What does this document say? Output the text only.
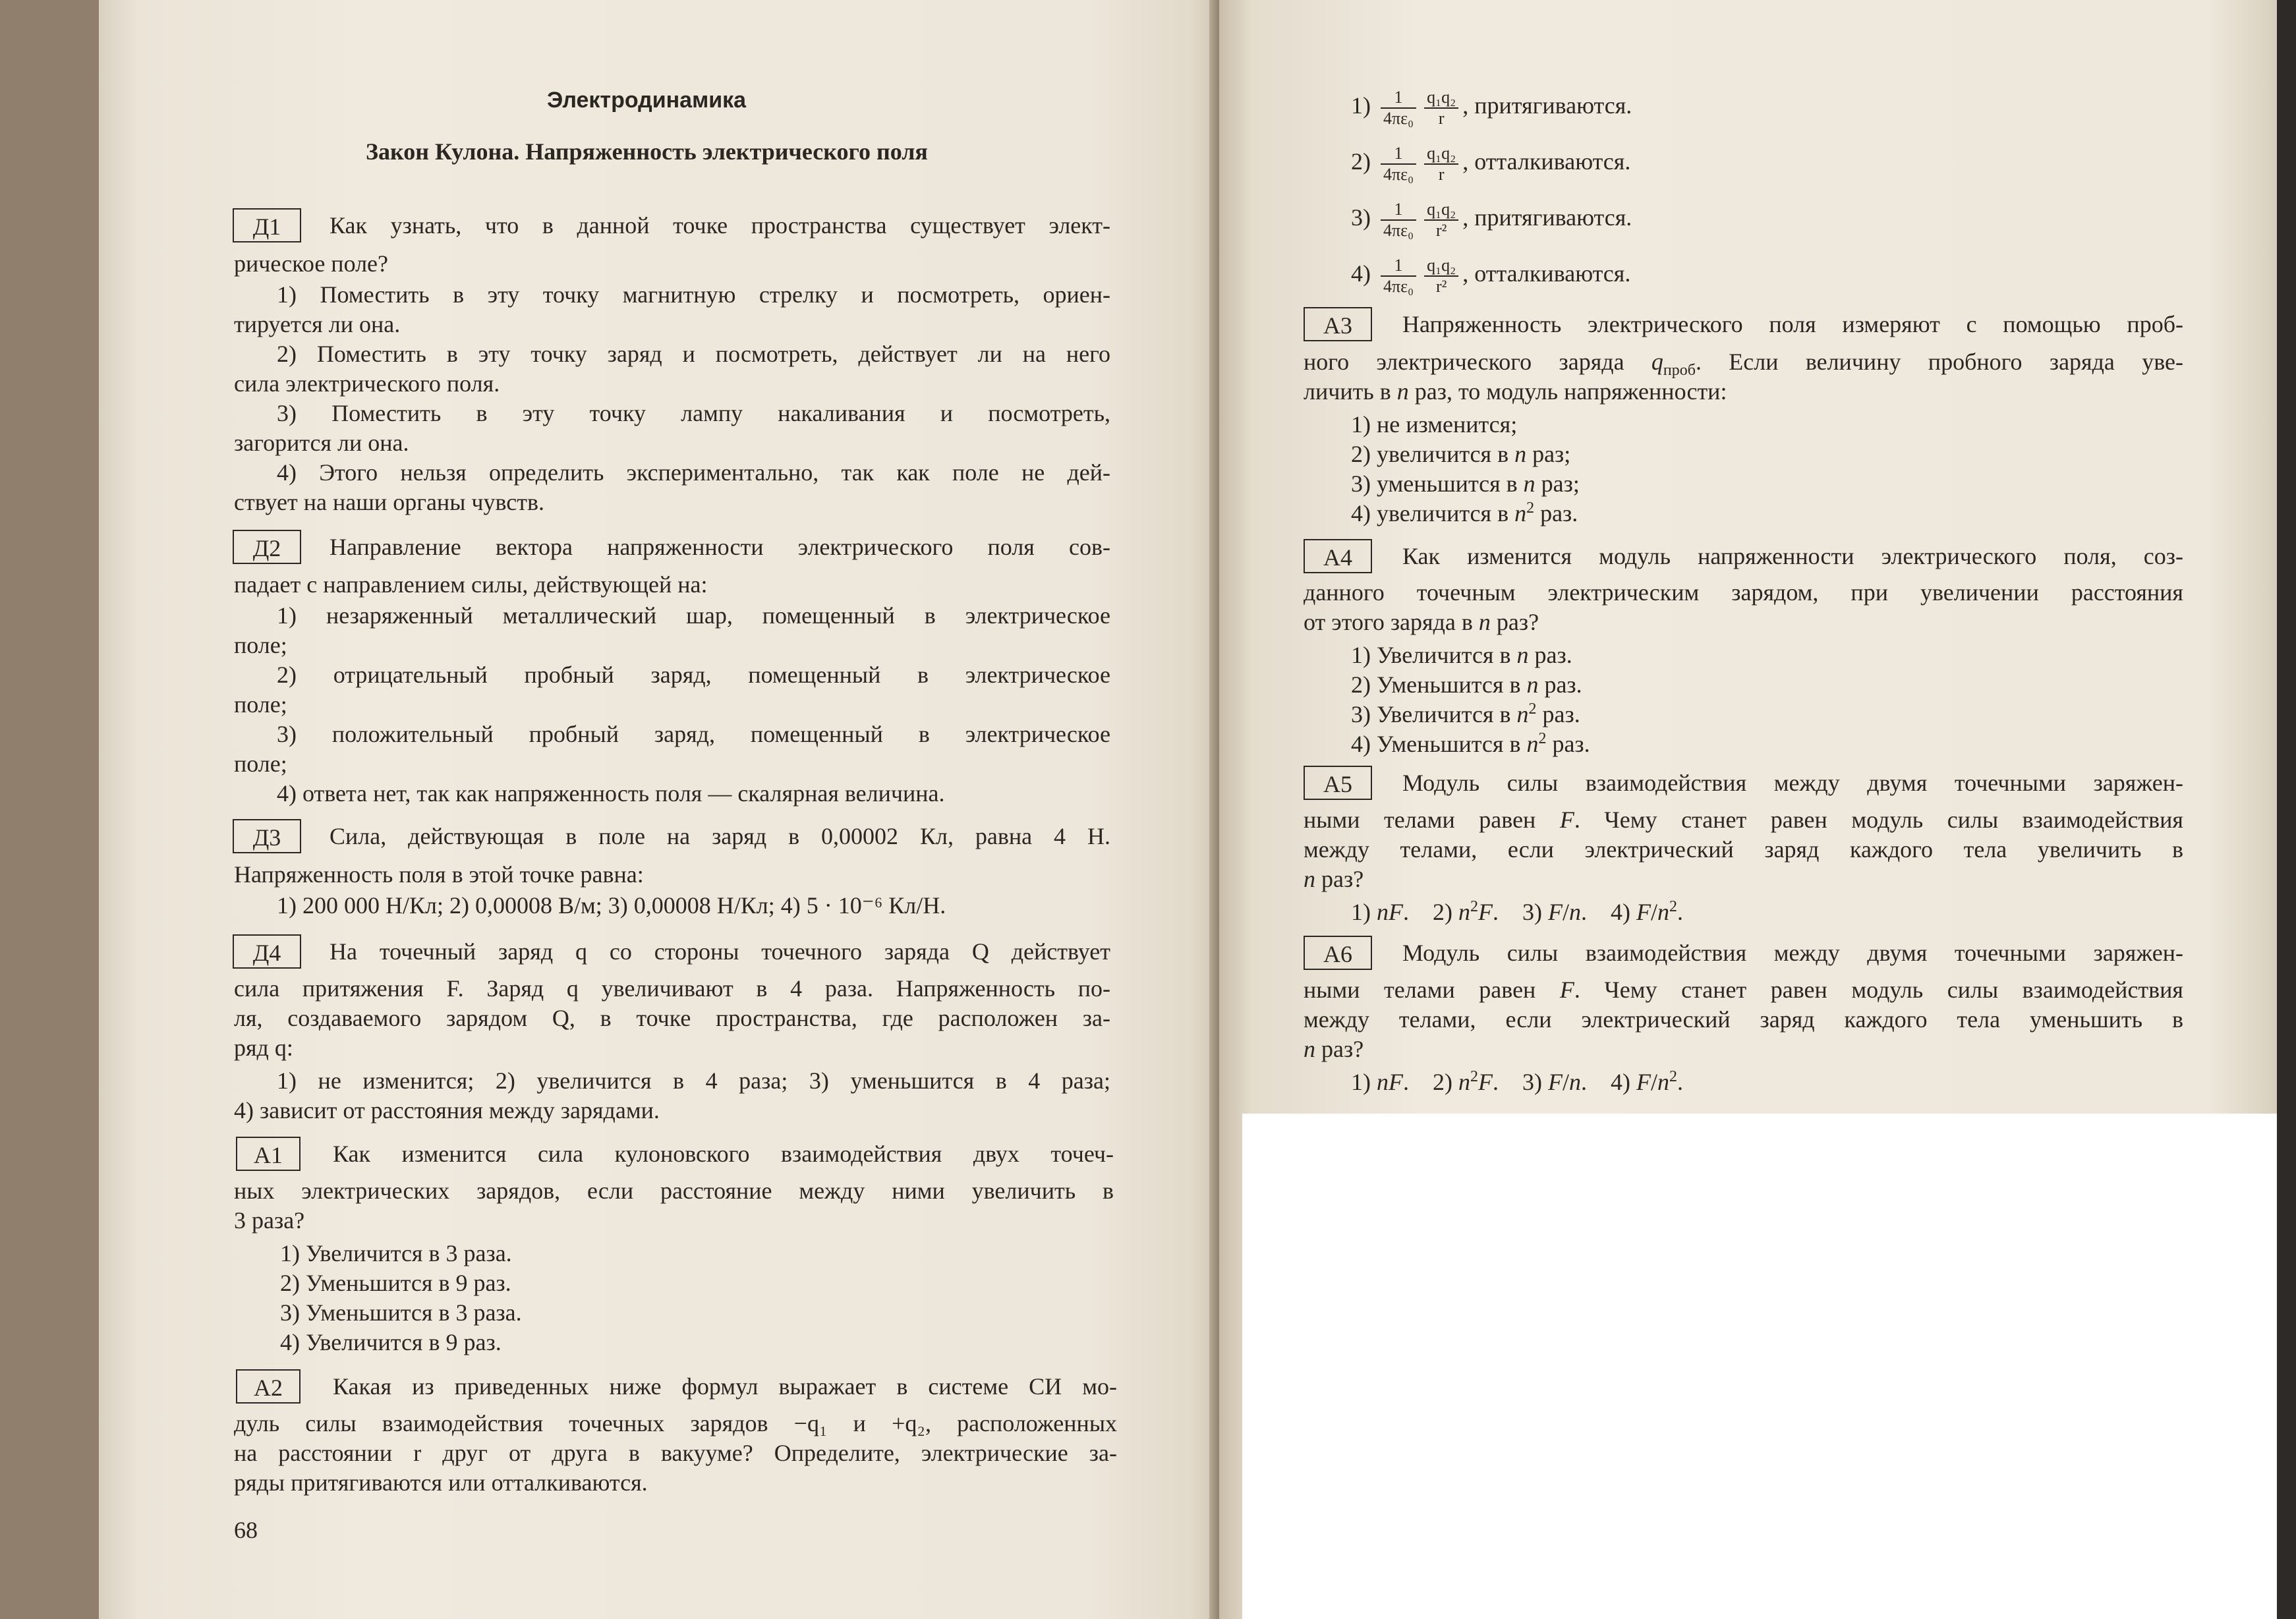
Электродинамика
Закон Кулона. Напряженность электрического поля
Д1	Как узнать, что в данной точке пространства существует элект-
рическое поле?
1) Поместить в эту точку магнитную стрелку и посмотреть, ориен-
тируется ли она.
2) Поместить в эту точку заряд и посмотреть, действует ли на него
сила электрического поля.
3) Поместить в эту точку лампу накаливания и посмотреть,
загорится ли она.
4) Этого нельзя определить экспериментально, так как поле не дей-
ствует на наши органы чувств.
Д2	Направление вектора напряженности электрического поля сов-
падает с направлением силы, действующей на:
1) незаряженный металлический шар, помещенный в электрическое
поле;
2) отрицательный пробный заряд, помещенный в электрическое
поле;
3) положительный пробный заряд, помещенный в электрическое
поле;
4) ответа нет, так как напряженность поля — скалярная величина.
Д3	Сила, действующая в поле на заряд в 0,00002 Кл, равна 4 Н.
Напряженность поля в этой точке равна:
1) 200 000 Н/Кл; 2) 0,00008 В/м; 3) 0,00008 Н/Кл; 4) 5 · 10⁻⁶ Кл/Н.
Д4	На точечный заряд q со стороны точечного заряда Q действует
сила притяжения F. Заряд q увеличивают в 4 раза. Напряженность по-
ля, создаваемого зарядом Q, в точке пространства, где расположен за-
ряд q:
1) не изменится; 2) увеличится в 4 раза; 3) уменьшится в 4 раза;
4) зависит от расстояния между зарядами.
А1	Как изменится сила кулоновского взаимодействия двух точеч-
ных электрических зарядов, если расстояние между ними увеличить в
3 раза?
1) Увеличится в 3 раза.
2) Уменьшится в 9 раз.
3) Уменьшится в 3 раза.
4) Увеличится в 9 раз.
А2	Какая из приведенных ниже формул выражает в системе СИ мо-
дуль силы взаимодействия точечных зарядов −q₁ и +q₂, расположенных
на расстоянии r друг от друга в вакууме? Определите, электрические за-
ряды притягиваются или отталкиваются.
68
$1) \frac{1}{\text{4πε₀}} \frac{\text{q₁q₂}}{r}$ , притягиваются.
$2) \frac{1}{\text{4πε₀}} \frac{\text{q₁q₂}}{r}$ , отталкиваются.
$3) \frac{1}{\text{4πε₀}} \frac{\text{q₁q₂}}{\text{r²}}$ , притягиваются.
$4) \frac{1}{\text{4πε₀}} \frac{\text{q₁q₂}}{\text{r²}}$ , отталкиваются.
А3	Напряженность электрического поля измеряют с помощью проб-
ного электрического заряда $q_{проб}$. Если величину пробного заряда уве-
личить в n раз, то модуль напряженности:
1) не изменится;
2) увеличится в n раз;
3) уменьшится в n раз;
4) увеличится в $n^2$ раз.
А4	Как изменится модуль напряженности электрического поля, соз-
данного точечным электрическим зарядом, при увеличении расстояния
от этого заряда в n раз?
1) Увеличится в n раз.
2) Уменьшится в n раз.
3) Увеличится в $n^2$ раз.
4) Уменьшится в $n^2$ раз.
А5	Модуль силы взаимодействия между двумя точечными заряжен-
ными телами равен F. Чему станет равен модуль силы взаимодействия
между телами, если электрический заряд каждого тела увеличить в
n раз?
1) nF.    2) $n^2F$.    3) F/n.    4) $F/n^2$.
А6	Модуль силы взаимодействия между двумя точечными заряжен-
ными телами равен F. Чему станет равен модуль силы взаимодействия
между телами, если электрический заряд каждого тела уменьшить в
n раз?
1) nF.    2) $n^2F$.    3) F/n.    4) $F/n^2$.
